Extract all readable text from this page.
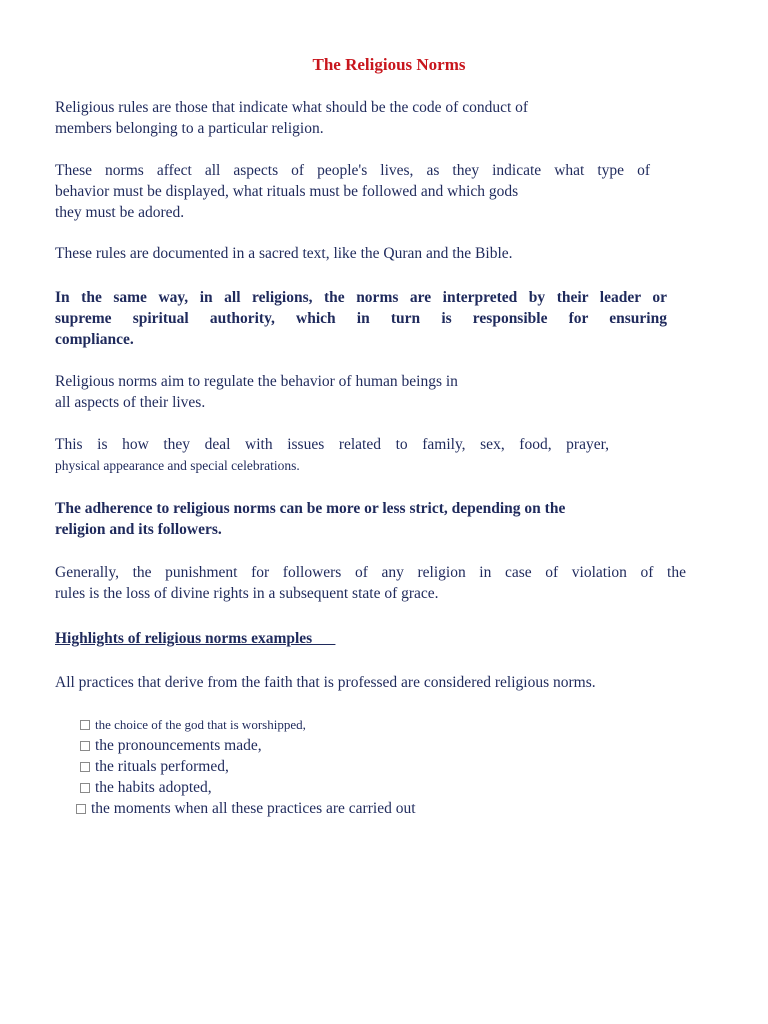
The Religious Norms
Religious rules are those that indicate what should be the code of conduct of
members belonging to a particular religion.
These norms affect all aspects of people's lives, as they indicate what type of
behavior must be displayed, what rituals must be followed and which gods
they must be adored.
These rules are documented in a sacred text, like the Quran and the Bible.
In the same way, in all religions, the norms are interpreted by their leader or
supreme spiritual authority, which in turn is responsible for ensuring
compliance.
Religious norms aim to regulate the behavior of human beings in
all aspects of their lives.
This is how they deal with issues related to family, sex, food, prayer,
physical appearance and special celebrations.
The adherence to religious norms can be more or less strict, depending on the
religion and its followers.
Generally, the punishment for followers of any religion in case of violation of the
rules is the loss of divine rights in a subsequent state of grace.
Highlights of religious norms examples
All practices that derive from the faith that is professed are considered religious norms.
the choice of the god that is worshipped,
the pronouncements made,
the rituals performed,
the habits adopted,
the moments when all these practices are carried out
